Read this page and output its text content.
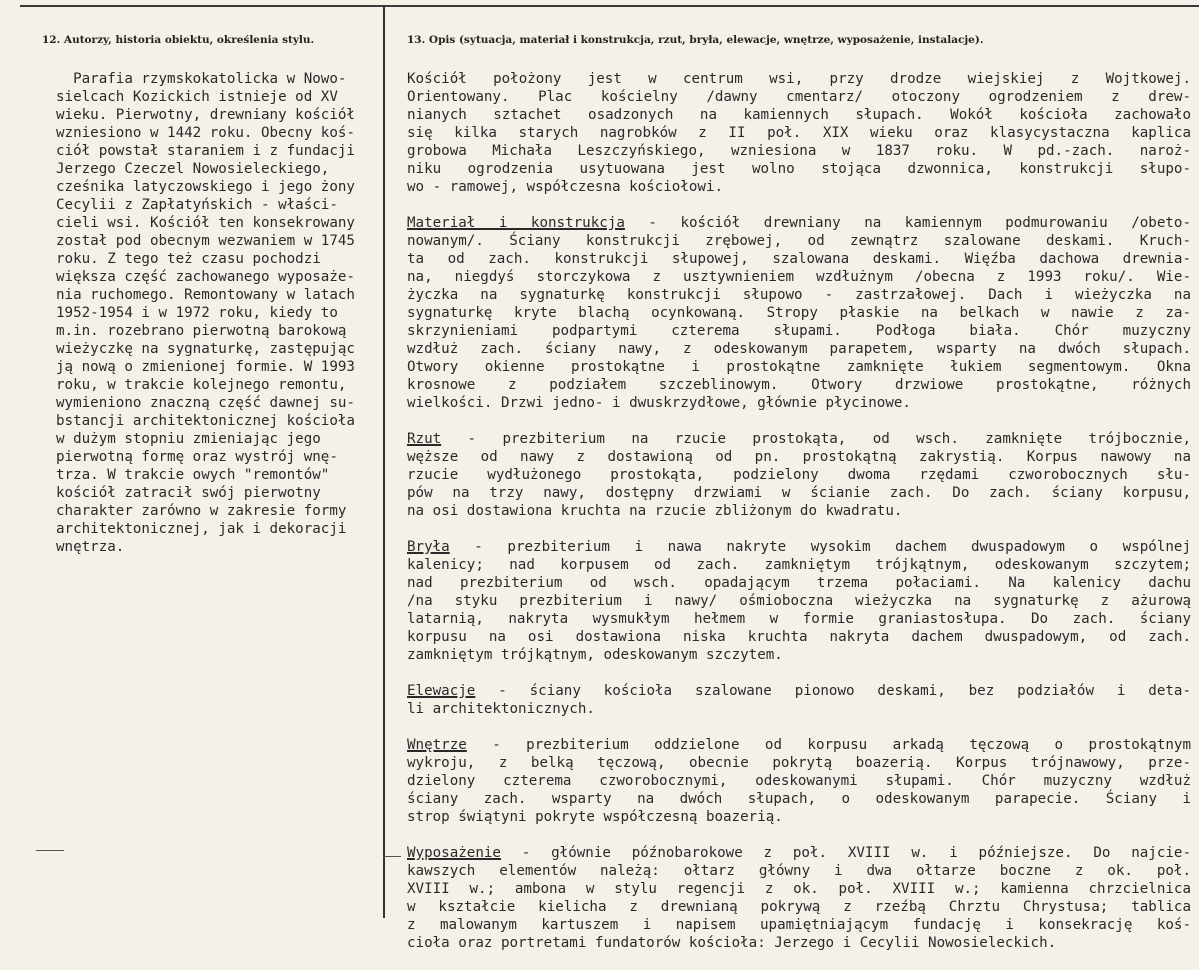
12. Autorzy, historia obiektu, określenia stylu.	13. Opis (sytuacja, materiał i konstrukcja, rzut, bryła, elewacje, wnętrze, wyposażenie, instalacje).

Parafia rzymskokatolicka w Nowo-
sielcach Kozickich istnieje od XV
wieku. Pierwotny, drewniany kościół
wzniesiono w 1442 roku. Obecny koś-
ciół powstał staraniem i z fundacji
Jerzego Czeczel Nowosieleckiego,
cześnika latyczowskiego i jego żony
Cecylii z Zapłatyńskich - właści-
cieli wsi. Kościół ten konsekrowany
został pod obecnym wezwaniem w 1745
roku. Z tego też czasu pochodzi
większa część zachowanego wyposaże-
nia ruchomego. Remontowany w latach
1952-1954 i w 1972 roku, kiedy to
m.in. rozebrano pierwotną barokową
wieżyczkę na sygnaturkę, zastępując
ją nową o zmienionej formie. W 1993
roku, w trakcie kolejnego remontu,
wymieniono znaczną część dawnej su-
bstancji architektonicznej kościoła
w dużym stopniu zmieniając jego
pierwotną formę oraz wystrój wnę-
trza. W trakcie owych "remontów"
kościół zatracił swój pierwotny
charakter zarówno w zakresie formy
architektonicznej, jak i dekoracji
wnętrza.
Kościół położony jest w centrum wsi, przy drodze wiejskiej z Wojtkowej.
Orientowany. Plac kościelny /dawny cmentarz/ otoczony ogrodzeniem z drew-
nianych sztachet osadzonych na kamiennych słupach. Wokół kościoła zachowało
się kilka starych nagrobków z II poł. XIX wieku oraz klasycystaczna kaplica
grobowa Michała Leszczyńskiego, wzniesiona w 1837 roku. W pd.-zach. naroż-
niku ogrodzenia usytuowana jest wolno stojąca dzwonnica, konstrukcji słupo-
wo - ramowej, współczesna kościołowi.
Materiał i konstrukcja - kościół drewniany na kamiennym podmurowaniu /obeto-
nowanym/. Ściany konstrukcji zrębowej, od zewnątrz szalowane deskami. Kruch-
ta od zach. konstrukcji słupowej, szalowana deskami. Więźba dachowa drewnia-
na, niegdyś storczykowa z usztywnieniem wzdłużnym /obecna z 1993 roku/. Wie-
życzka na sygnaturkę konstrukcji słupowo - zastrzałowej. Dach i wieżyczka na
sygnaturkę kryte blachą ocynkowaną. Stropy płaskie na belkach w nawie z za-
skrzynieniami podpartymi czterema słupami. Podłoga biała. Chór muzyczny
wzdłuż zach. ściany nawy, z odeskowanym parapetem, wsparty na dwóch słupach.
Otwory okienne prostokątne i prostokątne zamknięte łukiem segmentowym. Okna
krosnowe z podziałem szczeblinowym. Otwory drzwiowe prostokątne, różnych
wielkości. Drzwi jedno- i dwuskrzydłowe, głównie płycinowe.
Rzut - prezbiterium na rzucie prostokąta, od wsch. zamknięte trójbocznie,
węższe od nawy z dostawioną od pn. prostokątną zakrystią. Korpus nawowy na
rzucie wydłużonego prostokąta, podzielony dwoma rzędami czworobocznych słu-
pów na trzy nawy, dostępny drzwiami w ścianie zach. Do zach. ściany korpusu,
na osi dostawiona kruchta na rzucie zbliżonym do kwadratu.
Bryła - prezbiterium i nawa nakryte wysokim dachem dwuspadowym o wspólnej
kalenicy; nad korpusem od zach. zamkniętym trójkątnym, odeskowanym szczytem;
nad prezbiterium od wsch. opadającym trzema połaciami. Na kalenicy dachu
/na styku prezbiterium i nawy/ ośmioboczna wieżyczka na sygnaturkę z ażurową
latarnią, nakryta wysmukłym hełmem w formie graniastosłupa. Do zach. ściany
korpusu na osi dostawiona niska kruchta nakryta dachem dwuspadowym, od zach.
zamkniętym trójkątnym, odeskowanym szczytem.
Elewacje - ściany kościoła szalowane pionowo deskami, bez podziałów i deta-
li architektonicznych.
Wnętrze - prezbiterium oddzielone od korpusu arkadą tęczową o prostokątnym
wykroju, z belką tęczową, obecnie pokrytą boazerią. Korpus trójnawowy, prze-
dzielony czterema czworobocznymi, odeskowanymi słupami. Chór muzyczny wzdłuż
ściany zach. wsparty na dwóch słupach, o odeskowanym parapecie. Ściany i
strop świątyni pokryte współczesną boazerią.
Wyposażenie - głównie późnobarokowe z poł. XVIII w. i późniejsze. Do najcie-
kawszych elementów należą: ołtarz główny i dwa ołtarze boczne z ok. poł.
XVIII w.; ambona w stylu regencji z ok. poł. XVIII w.; kamienna chrzcielnica
w kształcie kielicha z drewnianą pokrywą z rzeźbą Chrztu Chrystusa; tablica
z malowanym kartuszem i napisem upamiętniającym fundację i konsekrację koś-
cioła oraz portretami fundatorów kościoła: Jerzego i Cecylii Nowosieleckich.
